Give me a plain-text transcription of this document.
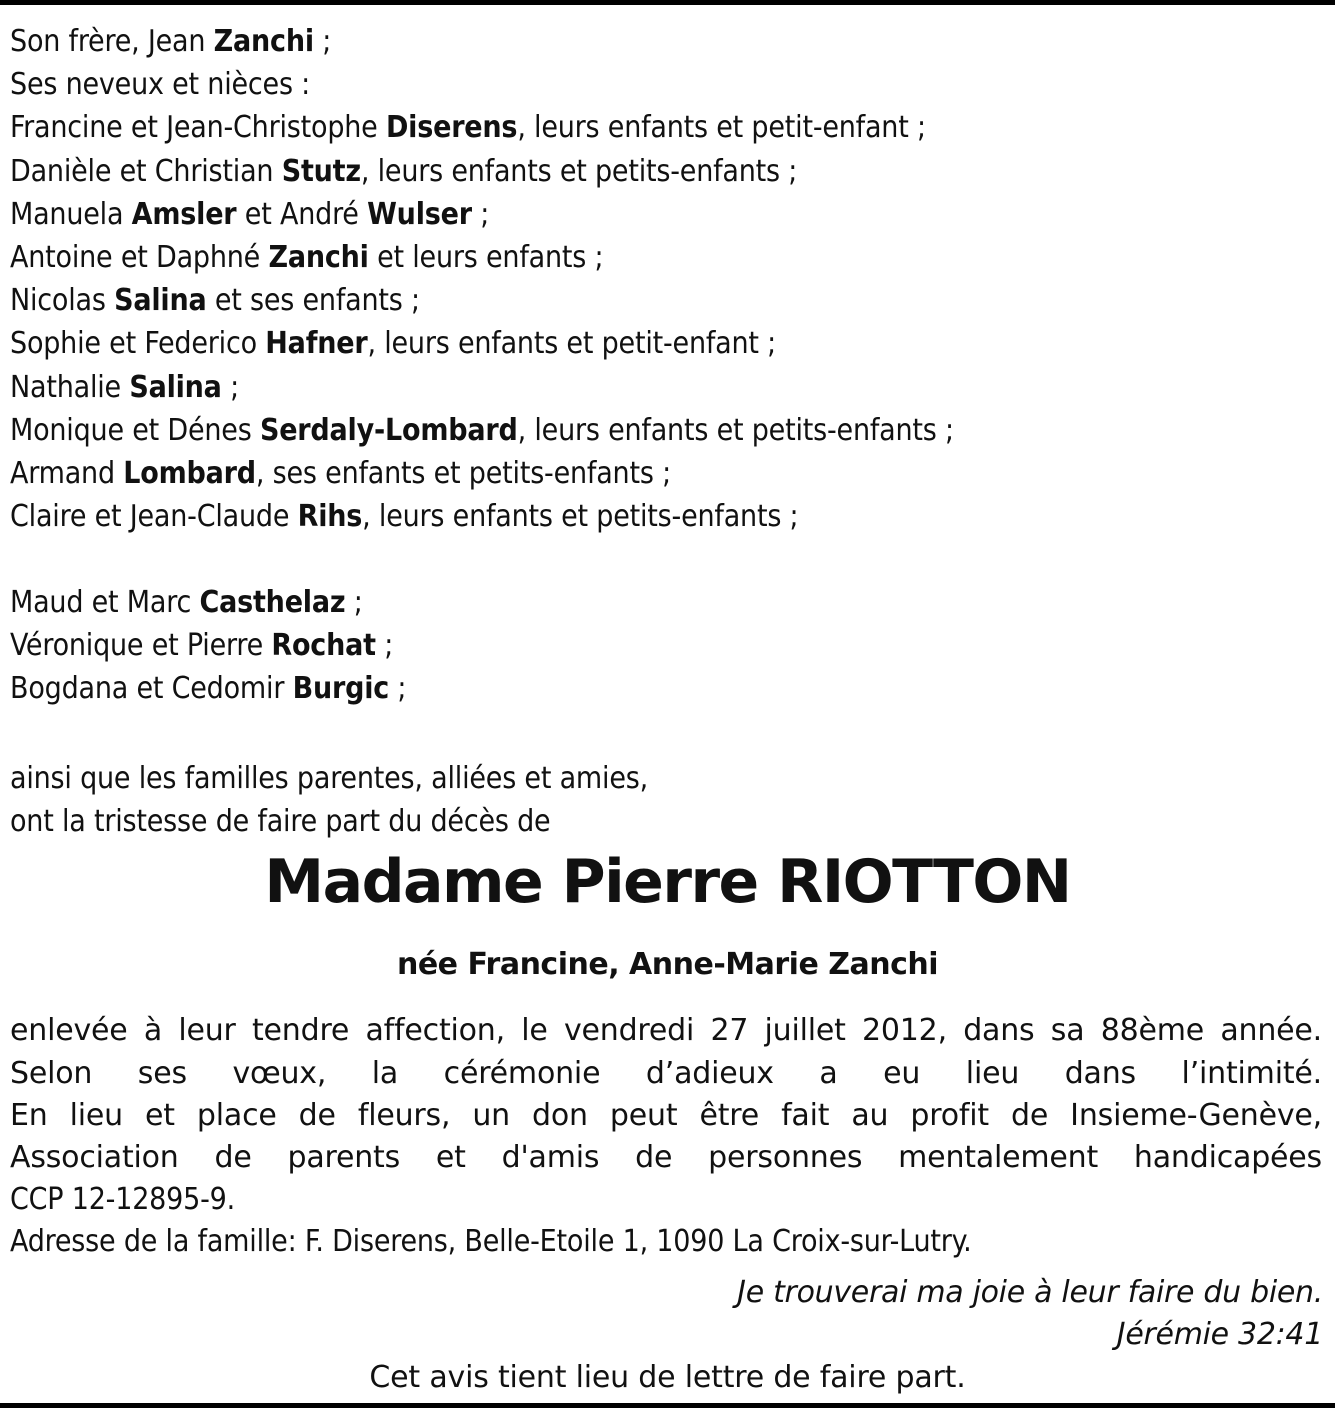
Son frère, Jean Zanchi ;
Ses neveux et nièces :
Francine et Jean-Christophe Diserens, leurs enfants et petit-enfant ;
Danièle et Christian Stutz, leurs enfants et petits-enfants ;
Manuela Amsler et André Wulser ;
Antoine et Daphné Zanchi et leurs enfants ;
Nicolas Salina et ses enfants ;
Sophie et Federico Hafner, leurs enfants et petit-enfant ;
Nathalie Salina ;
Monique et Dénes Serdaly-Lombard, leurs enfants et petits-enfants ;
Armand Lombard, ses enfants et petits-enfants ;
Claire et Jean-Claude Rihs, leurs enfants et petits-enfants ;
Maud et Marc Casthelaz ;
Véronique et Pierre Rochat ;
Bogdana et Cedomir Burgic ;
ainsi que les familles parentes, alliées et amies,
ont la tristesse de faire part du décès de
Madame Pierre RIOTTON
née Francine, Anne-Marie Zanchi
enlevée à leur tendre affection, le vendredi 27 juillet 2012, dans sa 88ème année.
Selon ses vœux, la cérémonie d’adieux a eu lieu dans l’intimité.
En lieu et place de fleurs, un don peut être fait au profit de Insieme-Genève,
Association de parents et d'amis de personnes mentalement handicapées
CCP 12-12895-9.
Adresse de la famille: F. Diserens, Belle-Etoile 1, 1090 La Croix-sur-Lutry.
Je trouverai ma joie à leur faire du bien.
Jérémie 32:41
Cet avis tient lieu de lettre de faire part.
